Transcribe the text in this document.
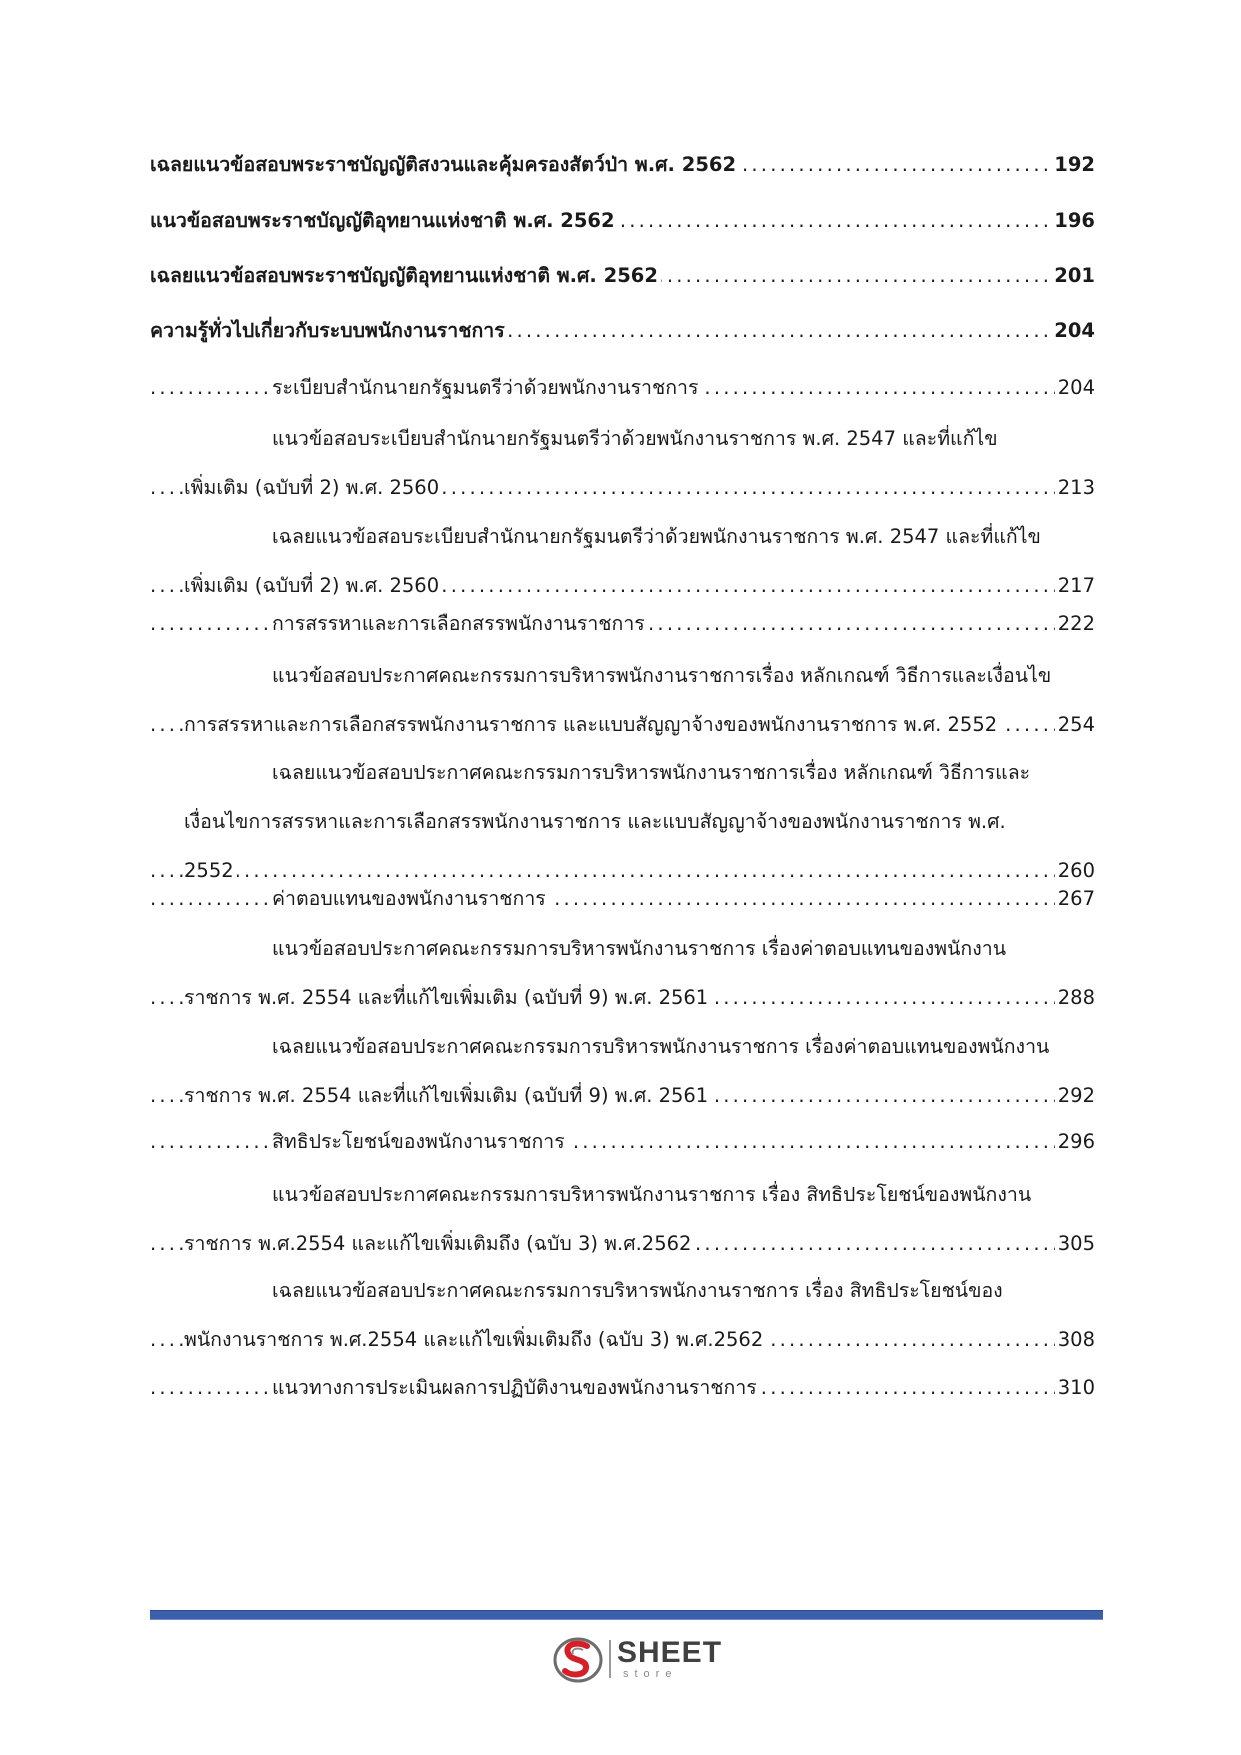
เฉลยแนวข้อสอบพระราชบัญญัติสงวนและคุ้มครองสัตว์ป่า พ.ศ. 2562	192
. . .
แนวข้อสอบพระราชบัญญัติอุทยานแห่งชาติ พ.ศ. 2562	196
. . .
เฉลยแนวข้อสอบพระราชบัญญัติอุทยานแห่งชาติ พ.ศ. 2562	201
. . .
ความรู้ทั่วไปเกี่ยวกับระบบพนักงานราชการ	204
. . .
ระเบียบสำนักนายกรัฐมนตรีว่าด้วยพนักงานราชการ	204
. . .
แนวข้อสอบระเบียบสำนักนายกรัฐมนตรีว่าด้วยพนักงานราชการ พ.ศ. 2547 และที่แก้ไข
เพิ่มเติม (ฉบับที่ 2) พ.ศ. 2560	213
. . .
เฉลยแนวข้อสอบระเบียบสำนักนายกรัฐมนตรีว่าด้วยพนักงานราชการ พ.ศ. 2547 และที่แก้ไข
เพิ่มเติม (ฉบับที่ 2) พ.ศ. 2560	217
. . .
การสรรหาและการเลือกสรรพนักงานราชการ	222
. . .
แนวข้อสอบประกาศคณะกรรมการบริหารพนักงานราชการเรื่อง หลักเกณฑ์ วิธีการและเงื่อนไข
การสรรหาและการเลือกสรรพนักงานราชการ และแบบสัญญาจ้างของพนักงานราชการ พ.ศ. 2552	254
. . .
เฉลยแนวข้อสอบประกาศคณะกรรมการบริหารพนักงานราชการเรื่อง หลักเกณฑ์ วิธีการและ
เงื่อนไขการสรรหาและการเลือกสรรพนักงานราชการ และแบบสัญญาจ้างของพนักงานราชการ พ.ศ.
2552	260
. . .
ค่าตอบแทนของพนักงานราชการ	267
. . .
แนวข้อสอบประกาศคณะกรรมการบริหารพนักงานราชการ เรื่องค่าตอบแทนของพนักงาน
ราชการ พ.ศ. 2554 และที่แก้ไขเพิ่มเติม (ฉบับที่ 9) พ.ศ. 2561	288
. . .
เฉลยแนวข้อสอบประกาศคณะกรรมการบริหารพนักงานราชการ เรื่องค่าตอบแทนของพนักงาน
ราชการ พ.ศ. 2554 และที่แก้ไขเพิ่มเติม (ฉบับที่ 9) พ.ศ. 2561	292
. . .
สิทธิประโยชน์ของพนักงานราชการ	296
. . .
แนวข้อสอบประกาศคณะกรรมการบริหารพนักงานราชการ เรื่อง สิทธิประโยชน์ของพนักงาน
ราชการ พ.ศ.2554 และแก้ไขเพิ่มเติมถึง (ฉบับ 3) พ.ศ.2562	305
. . .
เฉลยแนวข้อสอบประกาศคณะกรรมการบริหารพนักงานราชการ เรื่อง สิทธิประโยชน์ของ
พนักงานราชการ พ.ศ.2554 และแก้ไขเพิ่มเติมถึง (ฉบับ 3) พ.ศ.2562	308
. . .
แนวทางการประเมินผลการปฏิบัติงานของพนักงานราชการ	310
. . .
SHEET
store
